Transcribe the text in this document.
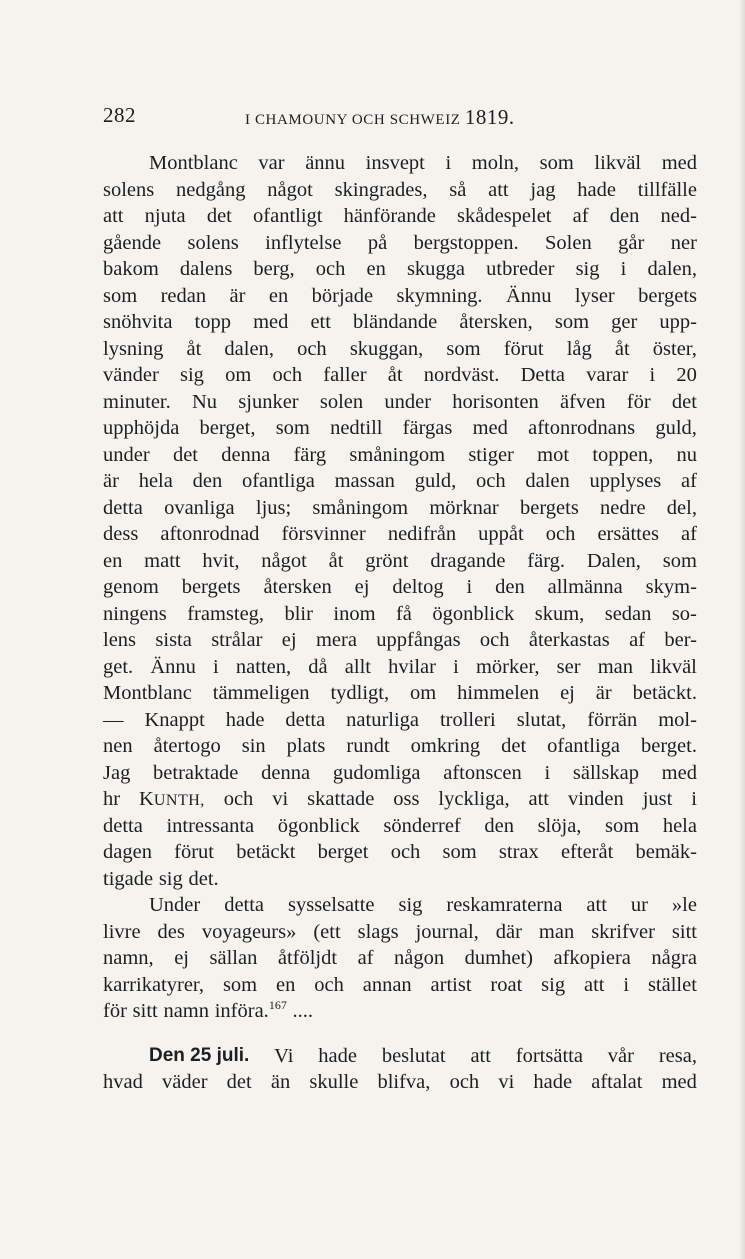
282	I CHAMOUNY OCH SCHWEIZ 1819.
Montblanc var ännu insvept i moln, som likväl med
solens nedgång något skingrades, så att jag hade tillfälle
att njuta det ofantligt hänförande skådespelet af den ned-
gående solens inflytelse på bergstoppen. Solen går ner
bakom dalens berg, och en skugga utbreder sig i dalen,
som redan är en började skymning. Ännu lyser bergets
snöhvita topp med ett bländande återsken, som ger upp-
lysning åt dalen, och skuggan, som förut låg åt öster,
vänder sig om och faller åt nordväst. Detta varar i 20
minuter. Nu sjunker solen under horisonten äfven för det
upphöjda berget, som nedtill färgas med aftonrodnans guld,
under det denna färg småningom stiger mot toppen, nu
är hela den ofantliga massan guld, och dalen upplyses af
detta ovanliga ljus; småningom mörknar bergets nedre del,
dess aftonrodnad försvinner nedifrån uppåt och ersättes af
en matt hvit, något åt grönt dragande färg. Dalen, som
genom bergets återsken ej deltog i den allmänna skym-
ningens framsteg, blir inom få ögonblick skum, sedan so-
lens sista strålar ej mera uppfångas och återkastas af ber-
get. Ännu i natten, då allt hvilar i mörker, ser man likväl
Montblanc tämmeligen tydligt, om himmelen ej är betäckt.
— Knappt hade detta naturliga trolleri slutat, förrän mol-
nen återtogo sin plats rundt omkring det ofantliga berget.
Jag betraktade denna gudomliga aftonscen i sällskap med
hr KUNTH, och vi skattade oss lyckliga, att vinden just i
detta intressanta ögonblick sönderref den slöja, som hela
dagen förut betäckt berget och som strax efteråt bemäk-
tigade sig det.
Under detta sysselsatte sig reskamraterna att ur »le
livre des voyageurs» (ett slags journal, där man skrifver sitt
namn, ej sällan åtföljdt af någon dumhet) afkopiera några
karrikatyrer, som en och annan artist roat sig att i stället
för sitt namn införa.$^{167}$ ....
Den 25 juli. Vi hade beslutat att fortsätta vår resa,
hvad väder det än skulle blifva, och vi hade aftalat med
